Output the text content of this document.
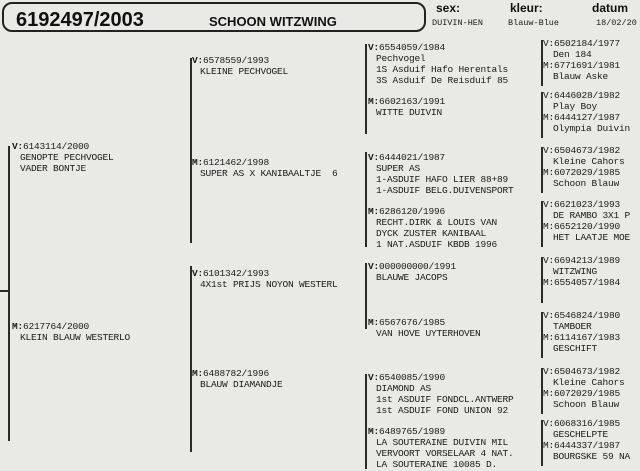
6192497/2003	SCHOON WITZWING
sex:
DUIVIN-HEN
kleur:
Blauw-Blue
datum
18/02/20
V: 6143114/2000
GENOPTE PECHVOGEL
VADER BONTJE
M: 6217764/2000
KLEIN BLAUW WESTERLO
V: 6578559/1993
KLEINE PECHVOGEL
M: 6121462/1998
SUPER AS X KANIBAALTJE  6
V: 6101342/1993
4X1st PRIJS NOYON WESTERL
M: 6488782/1996
BLAUW DIAMANDJE
V: 6554059/1984
Pechvogel
1S Asduif Hafo Herentals
3S Asduif De Reisduif 85
M: 6602163/1991
WITTE DUIVIN
V: 6444021/1987
SUPER AS
1-ASDUIF HAFO LIER 88+89
1-ASDUIF BELG.DUIVENSPORT
M: 6286120/1996
RECHT.DIRK & LOUIS VAN
DYCK ZUSTER KANIBAAL
1 NAT.ASDUIF KBDB 1996
V: 000000000/1991
BLAUWE JACOPS
M: 6567676/1985
VAN HOVE UYTERHOVEN
V: 6540085/1990
DIAMOND AS
1st ASDUIF FONDCL.ANTWERP
1st ASDUIF FOND UNION 92
M: 6489765/1989
LA SOUTERAINE DUIVIN MIL
VERVOORT VORSELAAR 4 NAT.
LA SOUTERAINE 10085 D.
V:6502184/1977
Den 184
M:6771691/1981
Blauw Aske
V:6446028/1982
Play Boy
M:6444127/1987
Olympia Duivin
V:6504673/1982
Kleine Cahors
M:6072029/1985
Schoon Blauw
V:6621023/1993
DE RAMBO 3X1 P
M:6652120/1990
HET LAATJE MOE
V:6694213/1989
WITZWING
M:6554057/1984
V:6546824/1980
TAMBOER
M:6114167/1983
GESCHIFT
V:6504673/1982
Kleine Cahors
M:6072029/1985
Schoon Blauw
V:6068316/1985
GESCHELPTE
M:6444337/1987
BOURGSKE 59 NA
